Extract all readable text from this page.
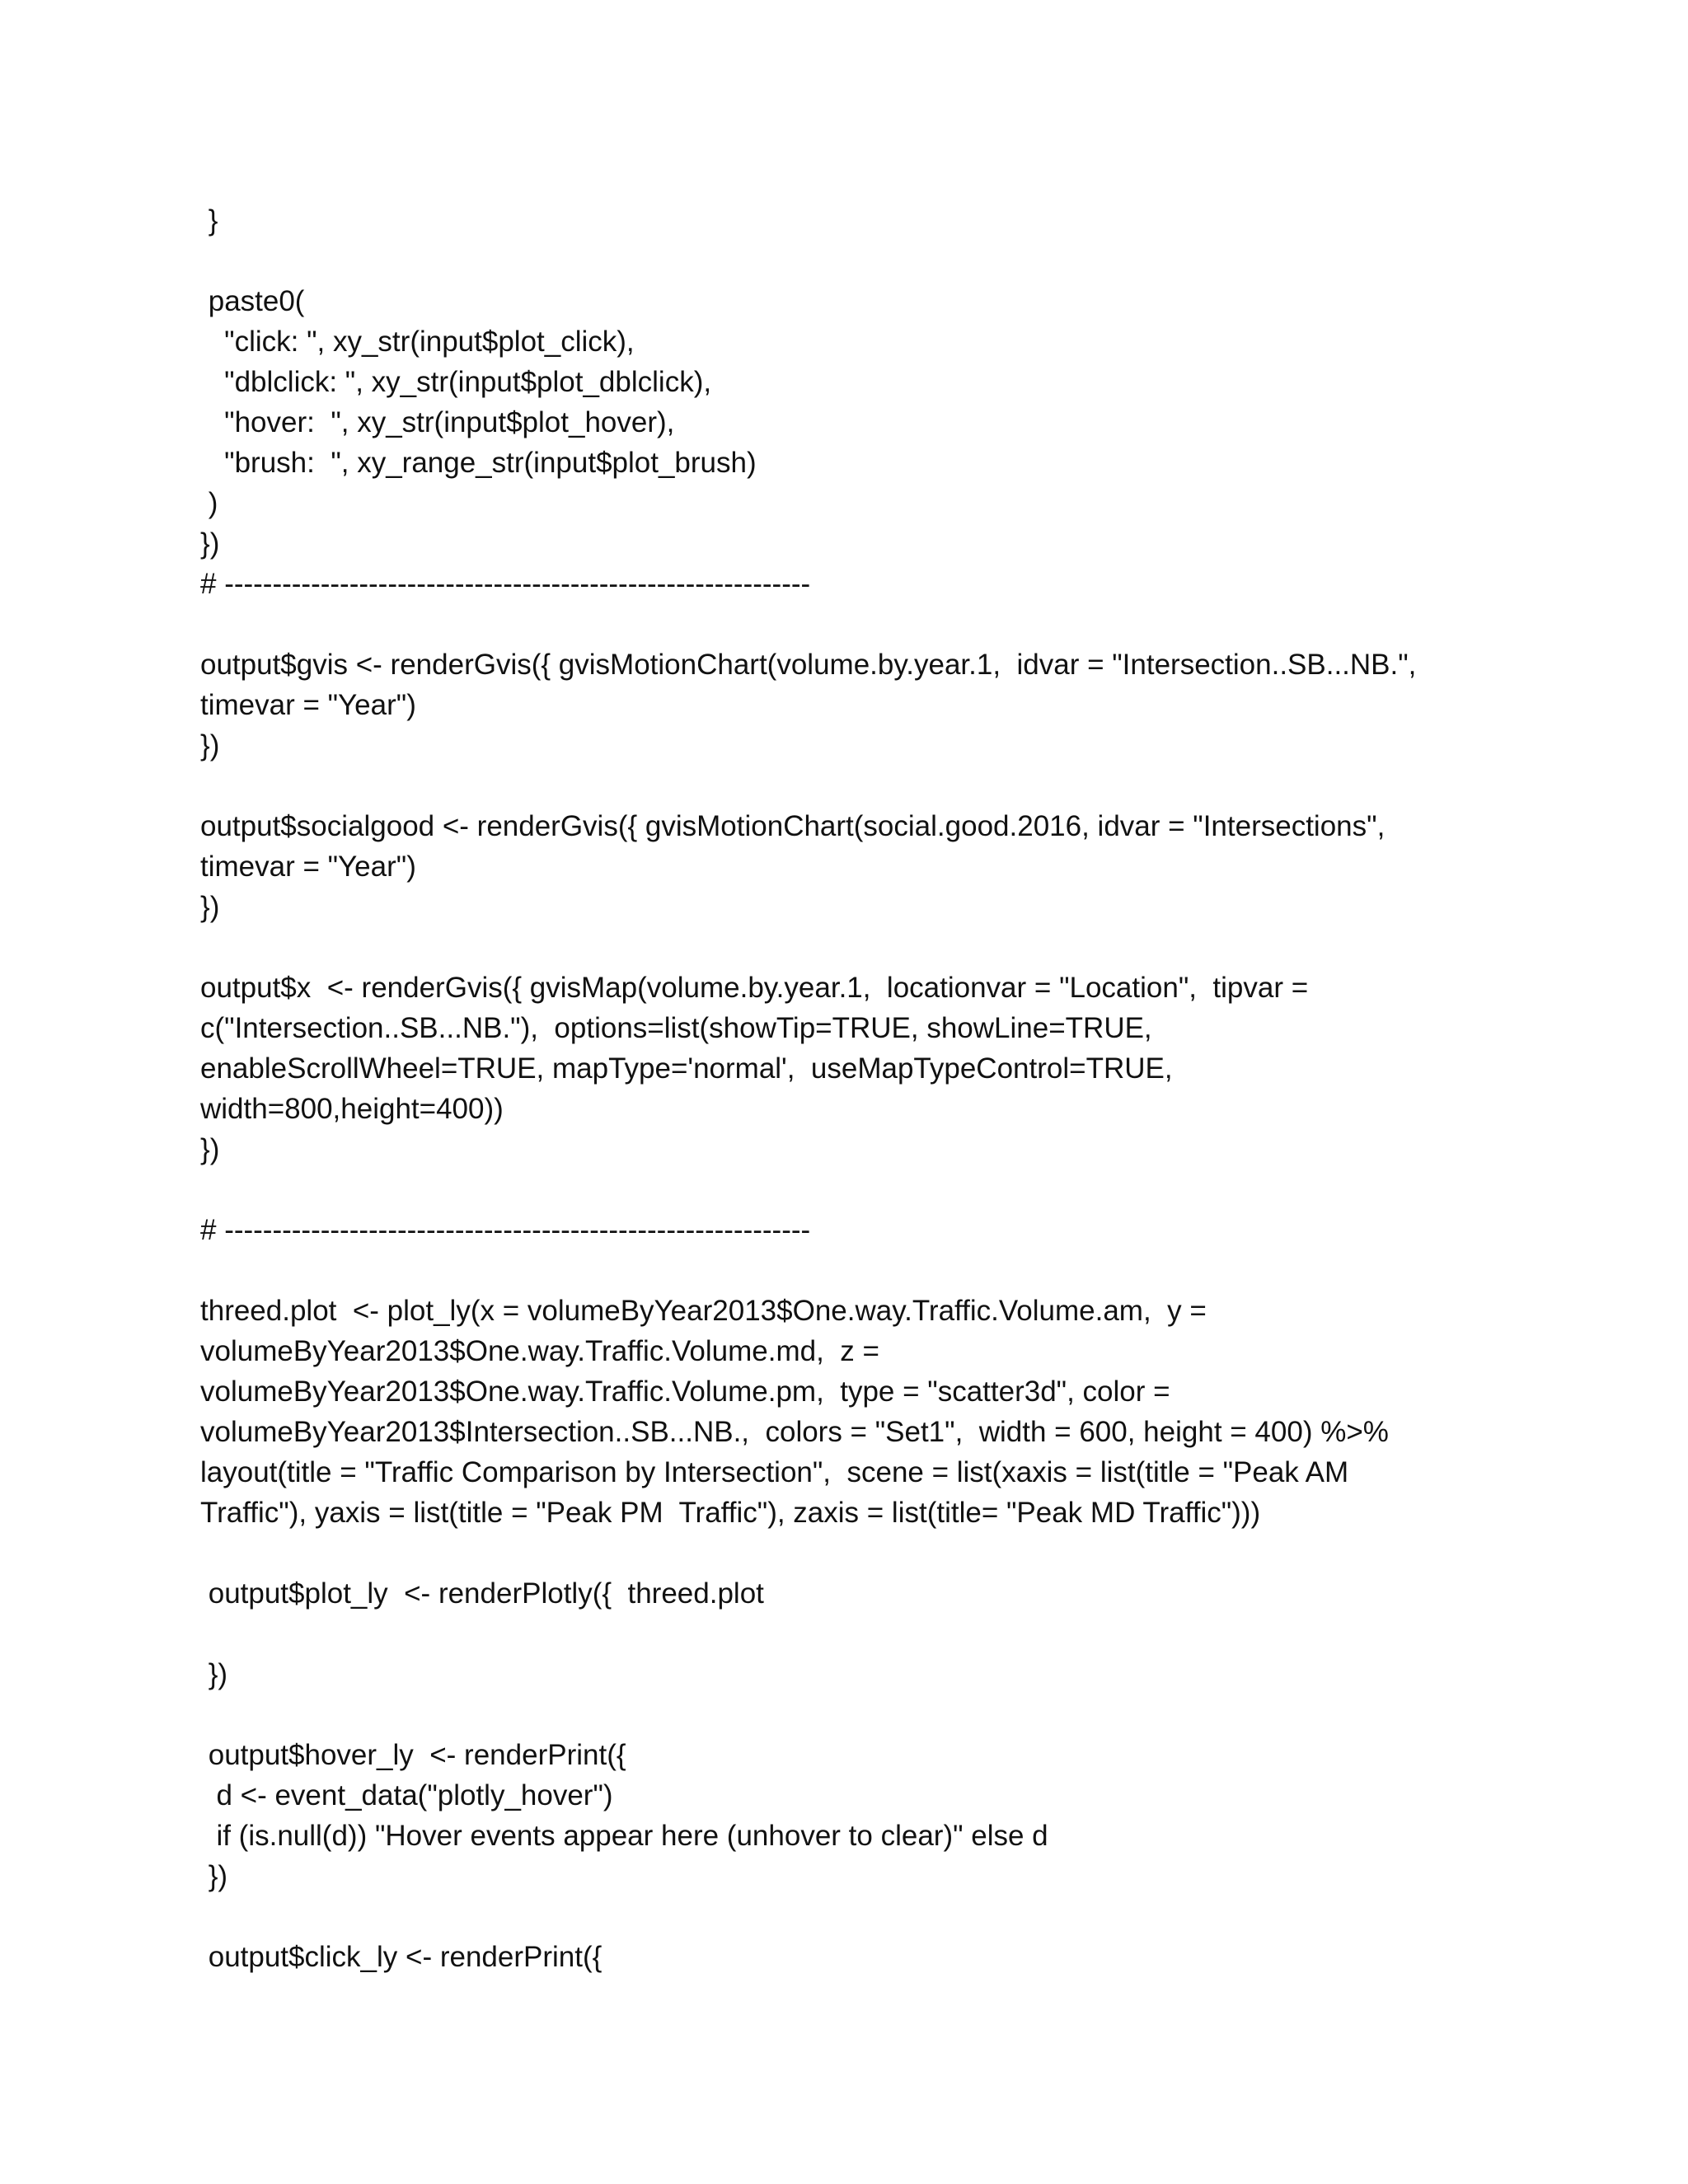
}
paste0(
"click: ", xy_str(input$plot_click),
"dblclick: ", xy_str(input$plot_dblclick),
"hover:  ", xy_str(input$plot_hover),
"brush:  ", xy_range_str(input$plot_brush)
)
})
# -------------------------------------------------------------
output$gvis <- renderGvis({ gvisMotionChart(volume.by.year.1,  idvar = "Intersection..SB...NB.",
timevar = "Year")
})
output$socialgood <- renderGvis({ gvisMotionChart(social.good.2016, idvar = "Intersections",
timevar = "Year")
})
output$x  <- renderGvis({ gvisMap(volume.by.year.1,  locationvar = "Location",  tipvar =
c("Intersection..SB...NB."),  options=list(showTip=TRUE, showLine=TRUE,
enableScrollWheel=TRUE, mapType='normal',  useMapTypeControl=TRUE,
width=800,height=400))
})
# -------------------------------------------------------------
threed.plot  <- plot_ly(x = volumeByYear2013$One.way.Traffic.Volume.am,  y =
volumeByYear2013$One.way.Traffic.Volume.md,  z =
volumeByYear2013$One.way.Traffic.Volume.pm,  type = "scatter3d", color =
volumeByYear2013$Intersection..SB...NB.,  colors = "Set1",  width = 600, height = 400) %>%
layout(title = "Traffic Comparison by Intersection",  scene = list(xaxis = list(title = "Peak AM
Traffic"), yaxis = list(title = "Peak PM  Traffic"), zaxis = list(title= "Peak MD Traffic")))
output$plot_ly  <- renderPlotly({  threed.plot
})
output$hover_ly  <- renderPrint({
d <- event_data("plotly_hover")
if (is.null(d)) "Hover events appear here (unhover to clear)" else d
})
output$click_ly <- renderPrint({
